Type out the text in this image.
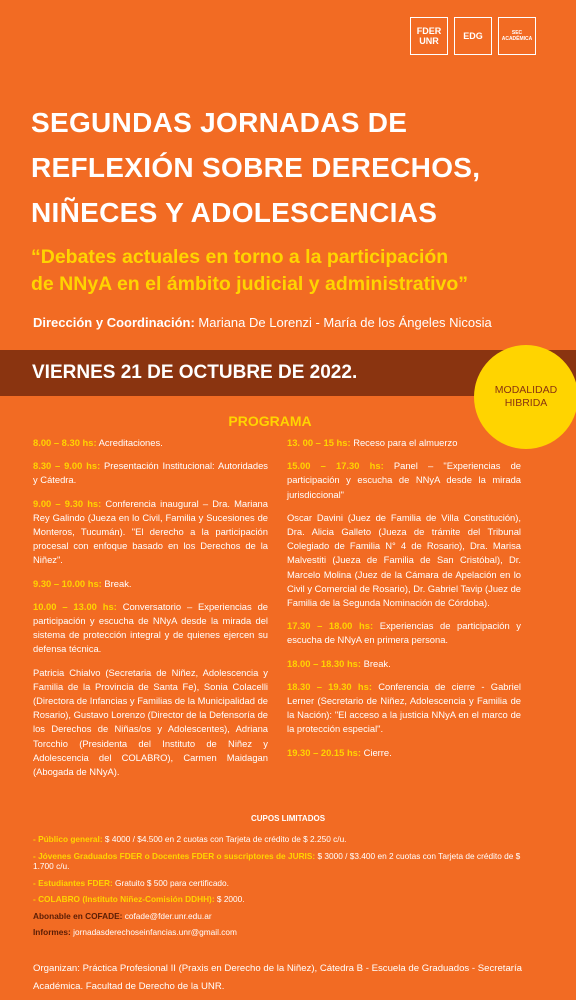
FDER
UNR	EDG	SEC
ACADÉMICA
SEGUNDAS JORNADAS DE
REFLEXIÓN SOBRE DERECHOS,
NIÑECES Y ADOLESCENCIAS
“Debates actuales en torno a la participación
de NNyA en el ámbito judicial y administrativo”
Dirección y Coordinación: Mariana De Lorenzi - María de los Ángeles Nicosia
VIERNES 21 DE OCTUBRE DE 2022.
MODALIDAD
HIBRIDA
PROGRAMA

8.00 – 8.30 hs: Acreditaciones.

8.30 – 9.00 hs: Presentación Institucional: Autoridades y Cátedra.

9.00 – 9.30 hs: Conferencia inaugural – Dra. Mariana Rey Galindo (Jueza en lo Civil, Familia y Sucesiones de Monteros, Tucumán). "El derecho a la participación procesal con enfoque basado en los Derechos de la Niñez".

9.30 – 10.00 hs: Break.

10.00 – 13.00 hs: Conversatorio – Experiencias de participación y escucha de NNyA desde la mirada del sistema de protección integral y de quienes ejercen su defensa técnica.

Patricia Chialvo (Secretaria de Niñez, Adolescencia y Familia de la Provincia de Santa Fe), Sonia Colacelli (Directora de Infancias y Familias de la Municipalidad de Rosario), Gustavo Lorenzo (Director de la Defensoría de los Derechos de Niñas/os y Adolescentes), Adriana Torcchio (Presidenta del Instituto de Niñez y Adolescencia del COLABRO), Carmen Maidagan (Abogada de NNyA).

13. 00 – 15 hs: Receso para el almuerzo

15.00 – 17.30 hs: Panel – "Experiencias de participación y escucha de NNyA desde la mirada jurisdiccional"

Oscar Davini (Juez de Familia de Villa Constitución), Dra. Alicia Galleto (Jueza de trámite del Tribunal Colegiado de Familia N° 4 de Rosario), Dra. Marisa Malvestiti (Jueza de Familia de San Cristóbal), Dr. Marcelo Molina (Juez de la Cámara de Apelación en lo Civil y Comercial de Rosario), Dr. Gabriel Tavip (Juez de Familia de la Segunda Nominación de Córdoba).

17.30 – 18.00 hs: Experiencias de participación y escucha de NNyA en primera persona.

18.00 – 18.30 hs: Break.

18.30 – 19.30 hs: Conferencia de cierre - Gabriel Lerner (Secretario de Niñez, Adolescencia y Familia de la Nación): "El acceso a la justicia NNyA en el marco de la protección especial".

19.30 – 20.15 hs: Cierre.

CUPOS LIMITADOS
- Público general: $ 4000 / $4.500 en 2 cuotas con Tarjeta de crédito de $ 2.250 c/u.
- Jóvenes Graduados FDER o Docentes FDER o suscriptores de JURIS: $ 3000 / $3.400 en 2 cuotas con Tarjeta de crédito de $ 1.700 c/u.
- Estudiantes FDER: Gratuito $ 500 para certificado.
- COLABRO (Instituto Niñez-Comisión DDHH): $ 2000.
Abonable en COFADE: cofade@fder.unr.edu.ar
Informes: jornadasderechoseinfancias.unr@gmail.com
Organizan: Práctica Profesional II (Praxis en Derecho de la Niñez), Cátedra B - Escuela de Graduados - Secretaría Académica. Facultad de Derecho de la UNR.
